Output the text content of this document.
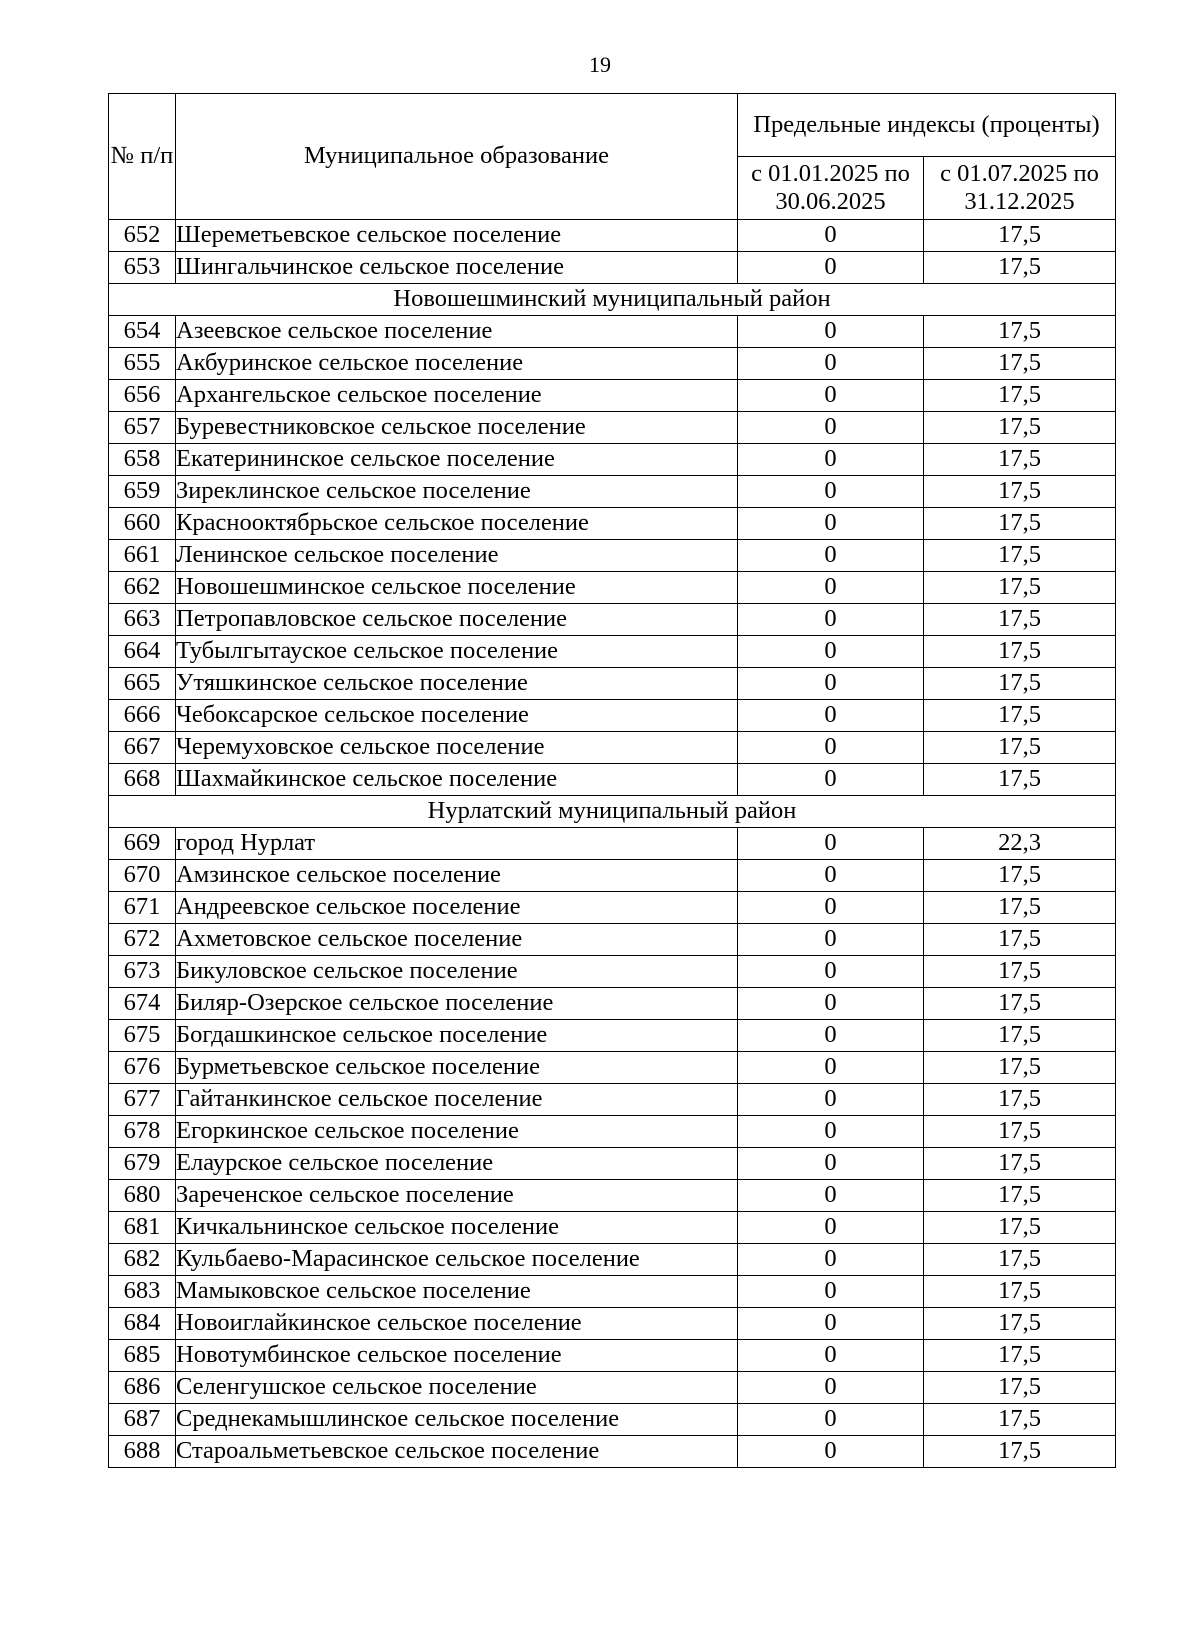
19
№ п/п	Муниципальное образование	Предельные индексы (проценты)	
		с 01.01.2025 по 30.06.2025	с 01.07.2025 по 31.12.2025
652	Шереметьевское сельское поселение	0	17,5
653	Шингальчинское сельское поселение	0	17,5
Новошешминский муниципальный район			
654	Азеевское сельское поселение	0	17,5
655	Акбуринское сельское поселение	0	17,5
656	Архангельское сельское поселение	0	17,5
657	Буревестниковское сельское поселение	0	17,5
658	Екатерининское сельское поселение	0	17,5
659	Зиреклинское сельское поселение	0	17,5
660	Краснооктябрьское сельское поселение	0	17,5
661	Ленинское сельское поселение	0	17,5
662	Новошешминское сельское поселение	0	17,5
663	Петропавловское сельское поселение	0	17,5
664	Тубылгытауское сельское поселение	0	17,5
665	Утяшкинское сельское поселение	0	17,5
666	Чебоксарское сельское поселение	0	17,5
667	Черемуховское сельское поселение	0	17,5
668	Шахмайкинское сельское поселение	0	17,5
Нурлатский муниципальный район			
669	город Нурлат	0	22,3
670	Амзинское сельское поселение	0	17,5
671	Андреевское сельское поселение	0	17,5
672	Ахметовское сельское поселение	0	17,5
673	Бикуловское сельское поселение	0	17,5
674	Биляр-Озерское сельское поселение	0	17,5
675	Богдашкинское сельское поселение	0	17,5
676	Бурметьевское сельское поселение	0	17,5
677	Гайтанкинское сельское поселение	0	17,5
678	Егоркинское сельское поселение	0	17,5
679	Елаурское сельское поселение	0	17,5
680	Зареченское сельское поселение	0	17,5
681	Кичкальнинское сельское поселение	0	17,5
682	Кульбаево-Марасинское сельское поселение	0	17,5
683	Мамыковское сельское поселение	0	17,5
684	Новоиглайкинское сельское поселение	0	17,5
685	Новотумбинское сельское поселение	0	17,5
686	Селенгушское сельское поселение	0	17,5
687	Среднекамышлинское сельское поселение	0	17,5
688	Староальметьевское сельское поселение	0	17,5
